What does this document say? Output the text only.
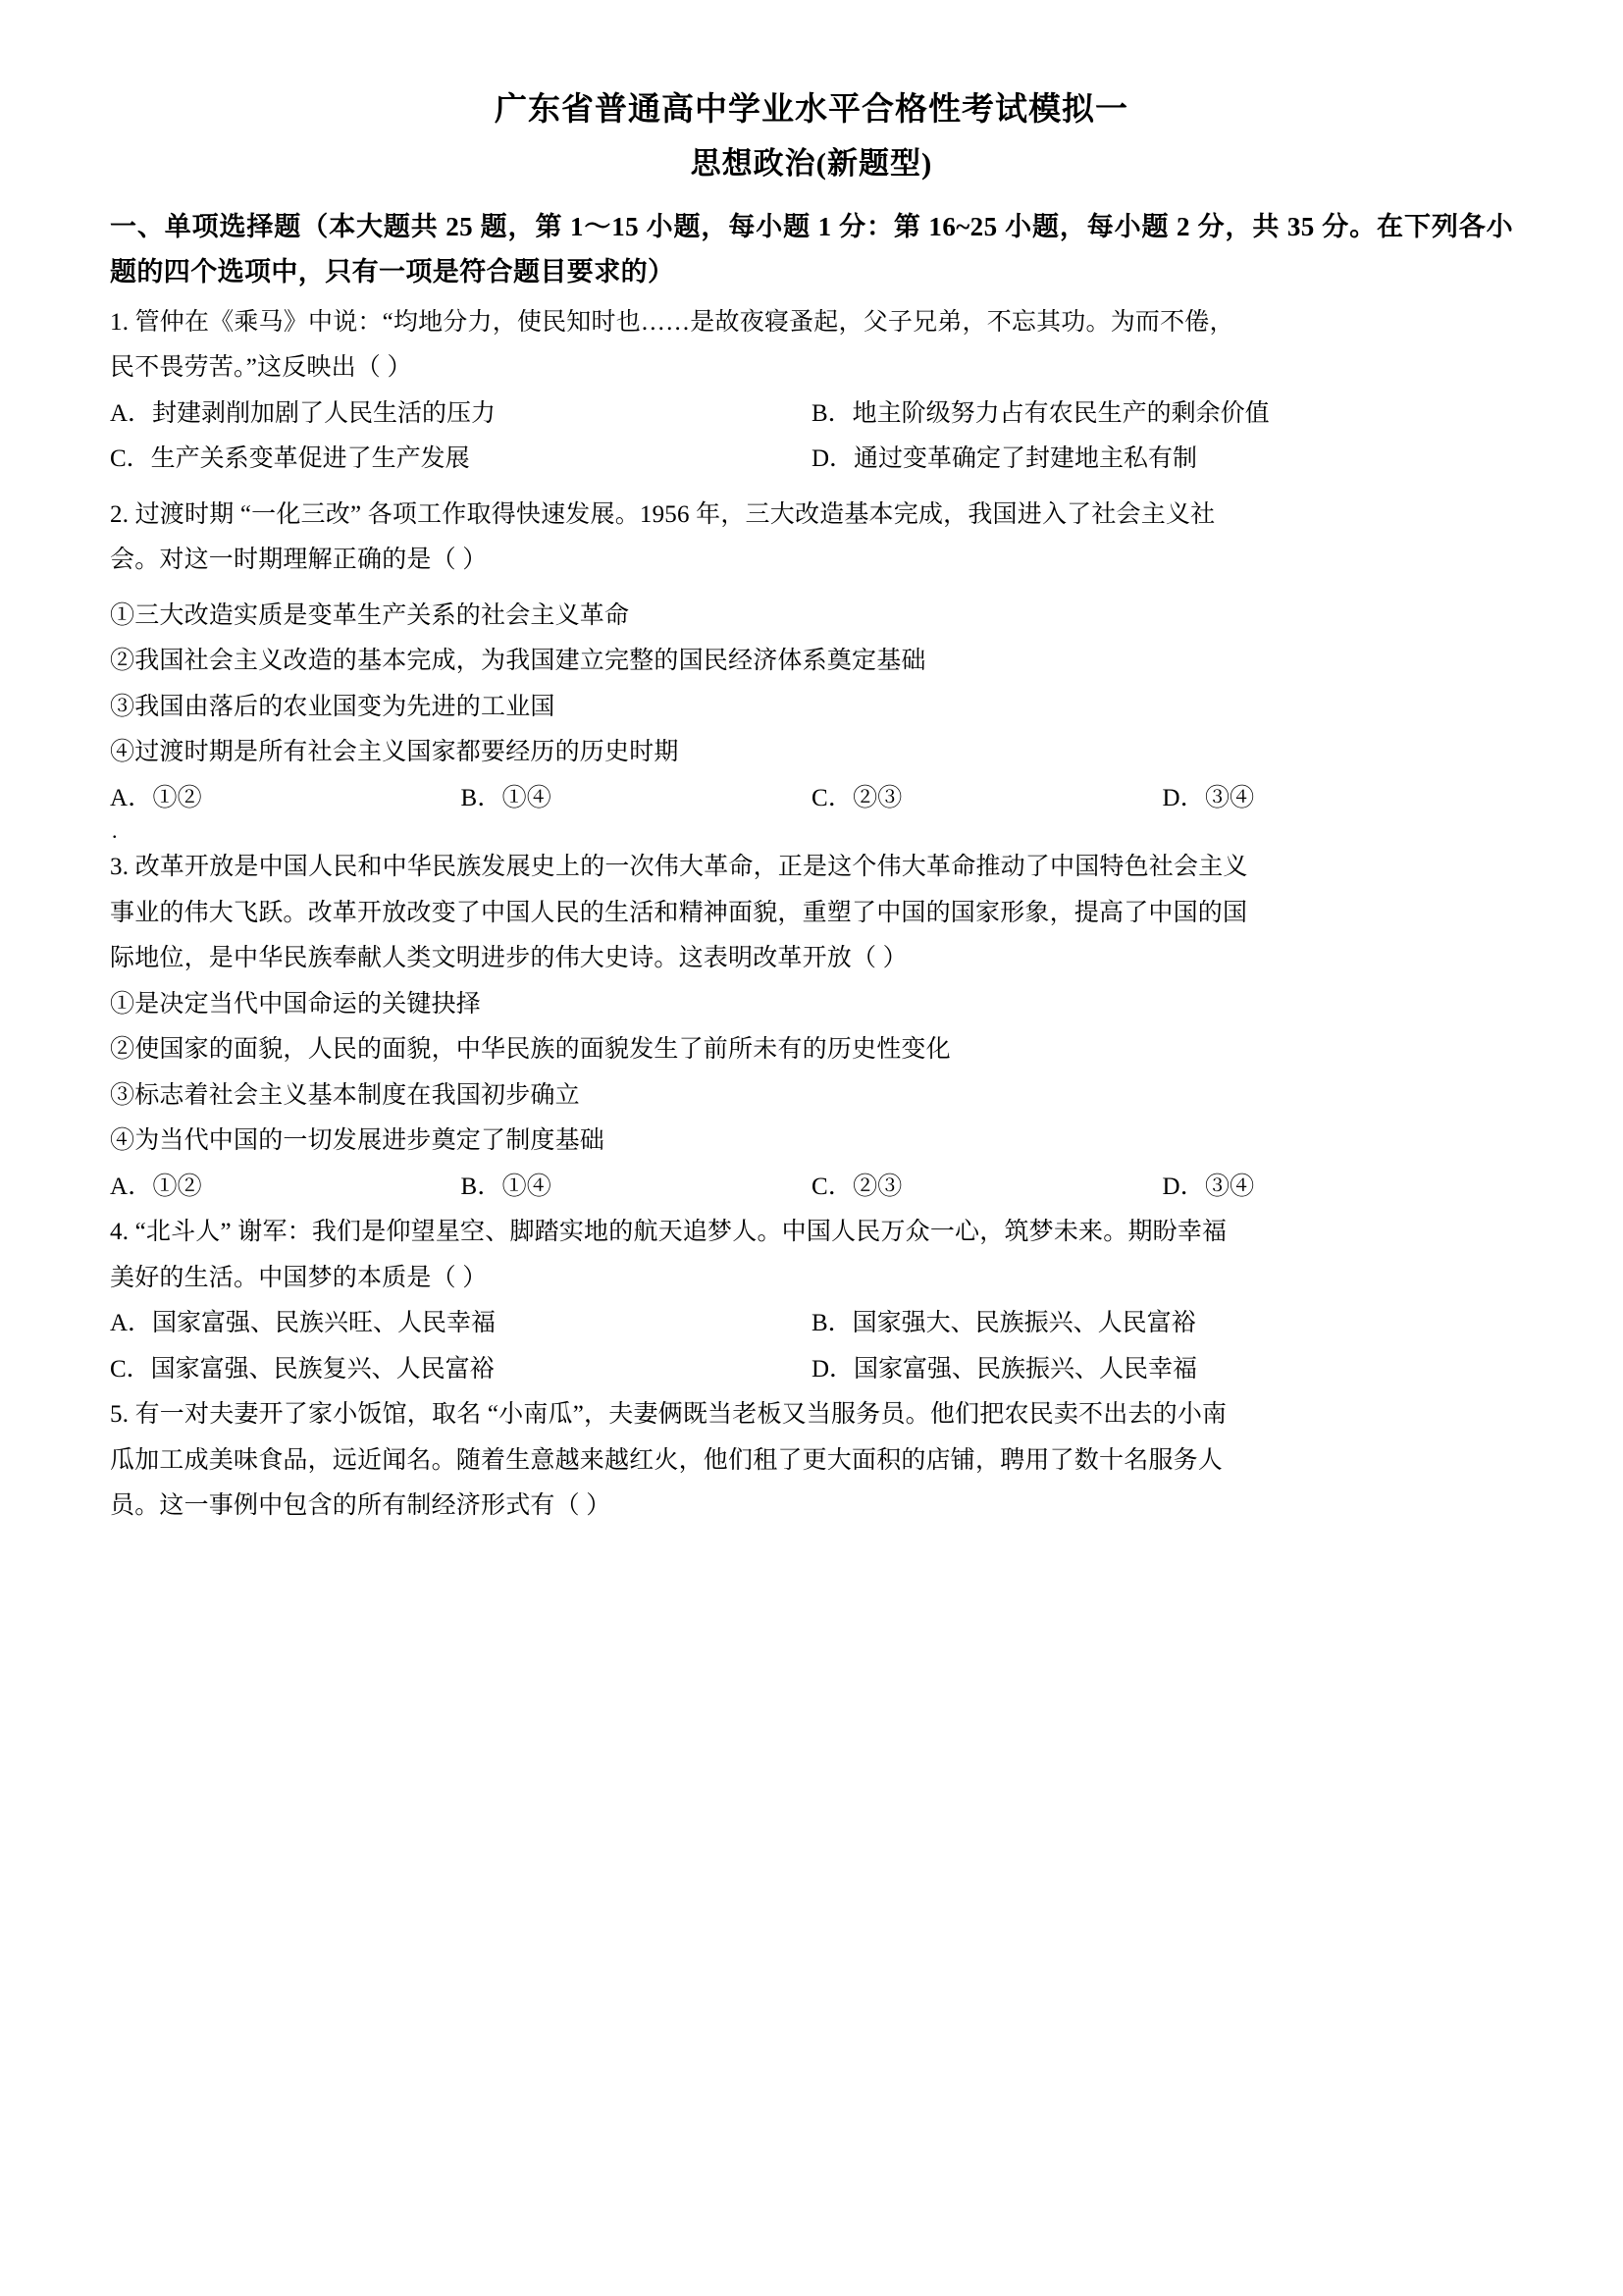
广东省普通高中学业水平合格性考试模拟一
思想政治(新题型)
一、单项选择题（本大题共 25 题，第 1～15 小题，每小题 1 分：第 16~25 小题，每小题 2 分，共 35 分。在下列各小题的四个选项中，只有一项是符合题目要求的）
1. 管仲在《乘马》中说：“均地分力，使民知时也……是故夜寝蚤起，父子兄弟，不忘其功。为而不倦，
民不畏劳苦。”这反映出（ ）
A．封建剥削加剧了人民生活的压力	B．地主阶级努力占有农民生产的剩余价值
C．生产关系变革促进了生产发展	D．通过变革确定了封建地主私有制
2. 过渡时期 “一化三改” 各项工作取得快速发展。1956 年，三大改造基本完成，我国进入了社会主义社
会。对这一时期理解正确的是（ ）
①三大改造实质是变革生产关系的社会主义革命
②我国社会主义改造的基本完成，为我国建立完整的国民经济体系奠定基础
③我国由落后的农业国变为先进的工业国
④过渡时期是所有社会主义国家都要经历的历史时期
A．①②	B．①④	C．②③	D．③④
.
3. 改革开放是中国人民和中华民族发展史上的一次伟大革命，正是这个伟大革命推动了中国特色社会主义
事业的伟大飞跃。改革开放改变了中国人民的生活和精神面貌，重塑了中国的国家形象，提高了中国的国
际地位，是中华民族奉献人类文明进步的伟大史诗。这表明改革开放（ ）
①是决定当代中国命运的关键抉择
②使国家的面貌，人民的面貌，中华民族的面貌发生了前所未有的历史性变化
③标志着社会主义基本制度在我国初步确立
④为当代中国的一切发展进步奠定了制度基础
A．①②	B．①④	C．②③	D．③④
4. “北斗人” 谢军：我们是仰望星空、脚踏实地的航天追梦人。中国人民万众一心，筑梦未来。期盼幸福
美好的生活。中国梦的本质是（ ）
A．国家富强、民族兴旺、人民幸福	B．国家强大、民族振兴、人民富裕
C．国家富强、民族复兴、人民富裕	D．国家富强、民族振兴、人民幸福
5. 有一对夫妻开了家小饭馆，取名 “小南瓜”，夫妻俩既当老板又当服务员。他们把农民卖不出去的小南
瓜加工成美味食品，远近闻名。随着生意越来越红火，他们租了更大面积的店铺，聘用了数十名服务人
员。这一事例中包含的所有制经济形式有（ ）
